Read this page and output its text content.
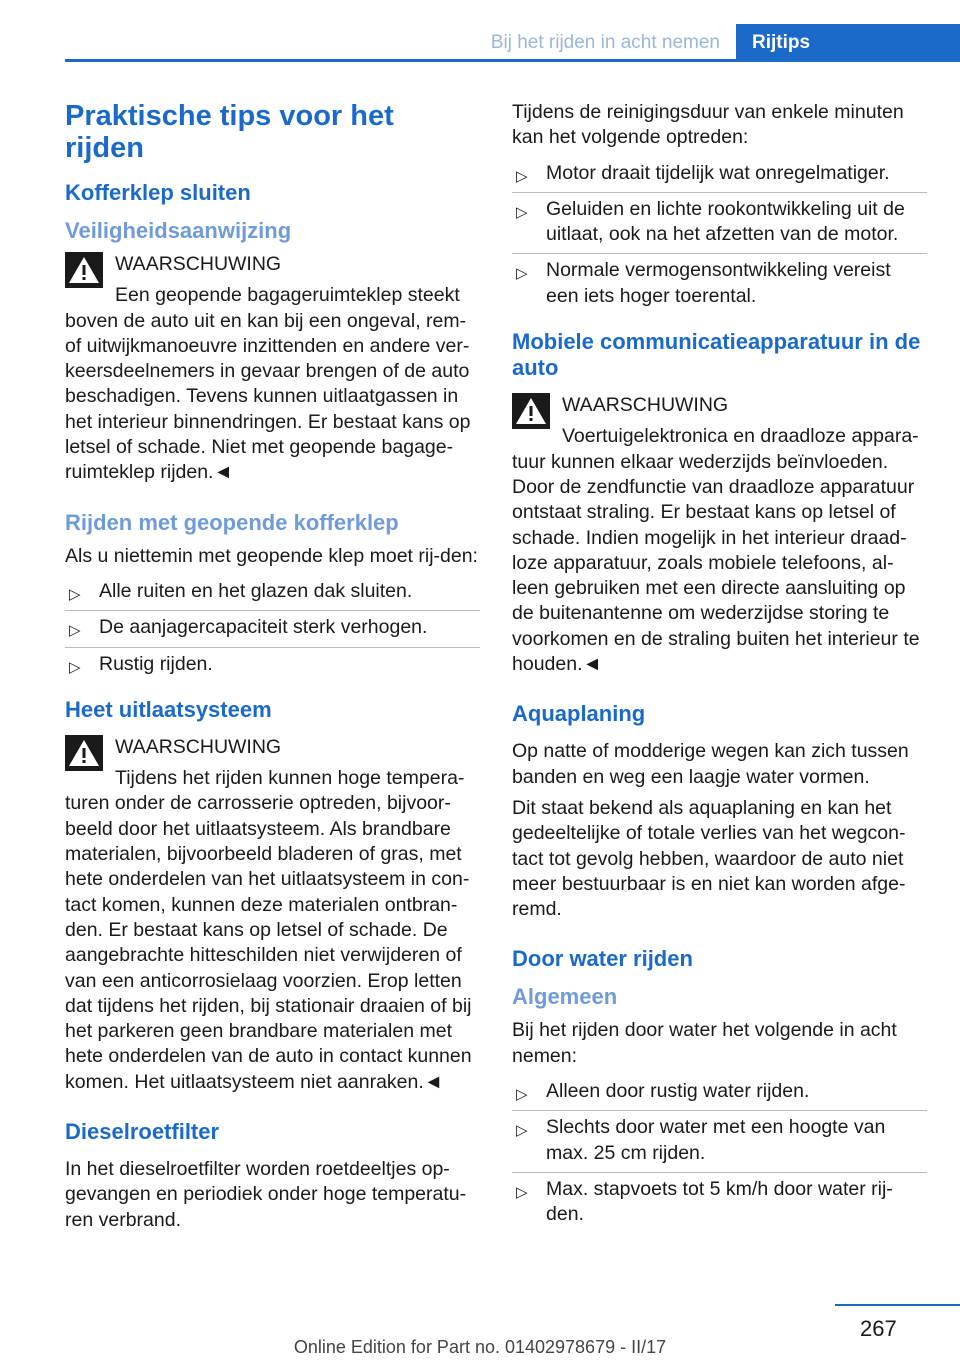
Bij het rijden in acht nemen Rijtips
Praktische tips voor het rijden
Kofferklep sluiten
Veiligheidsaanwijzing
WAARSCHUWING
Een geopende bagageruimteklep steekt boven de auto uit en kan bij een ongeval, rem- of uitwijkmanoeuvre inzittenden en andere ver-keersdeelnemers in gevaar brengen of de auto beschadigen. Tevens kunnen uitlaatgassen in het interieur binnendringen. Er bestaat kans op letsel of schade. Niet met geopende bagage-ruimteklep rijden.◄
Rijden met geopende kofferklep
Als u niettemin met geopende klep moet rij-den:
▷ Alle ruiten en het glazen dak sluiten.
▷ De aanjagercapaciteit sterk verhogen.
▷ Rustig rijden.
Heet uitlaatsysteem
WAARSCHUWING
Tijdens het rijden kunnen hoge tempera-turen onder de carrosserie optreden, bijvoor-beeld door het uitlaatsysteem. Als brandbare materialen, bijvoorbeeld bladeren of gras, met hete onderdelen van het uitlaatsysteem in con-tact komen, kunnen deze materialen ontbran-den. Er bestaat kans op letsel of schade. De aangebrachte hitteschilden niet verwijderen of van een anticorrosielaag voorzien. Erop letten dat tijdens het rijden, bij stationair draaien of bij het parkeren geen brandbare materialen met hete onderdelen van de auto in contact kunnen komen. Het uitlaatsysteem niet aanraken.◄
Dieselroetfilter
In het dieselroetfilter worden roetdeeltjes op-gevangen en periodiek onder hoge temperatu-ren verbrand.
Tijdens de reinigingsduur van enkele minuten kan het volgende optreden:
▷ Motor draait tijdelijk wat onregelmatiger.
▷ Geluiden en lichte rookontwikkeling uit de uitlaat, ook na het afzetten van de motor.
▷ Normale vermogensontwikkeling vereist een iets hoger toerental.
Mobiele communicatieapparatuur in de auto
WAARSCHUWING
Voertuigelektronica en draadloze appara-tuur kunnen elkaar wederzijds beïnvloeden. Door de zendfunctie van draadloze apparatuur ontstaat straling. Er bestaat kans op letsel of schade. Indien mogelijk in het interieur draad-loze apparatuur, zoals mobiele telefoons, al-leen gebruiken met een directe aansluiting op de buitenantenne om wederzijdse storing te voorkomen en de straling buiten het interieur te houden.◄
Aquaplaning
Op natte of modderige wegen kan zich tussen banden en weg een laagje water vormen.
Dit staat bekend als aquaplaning en kan het gedeeltelijke of totale verlies van het wegcon-tact tot gevolg hebben, waardoor de auto niet meer bestuurbaar is en niet kan worden afge-remd.
Door water rijden
Algemeen
Bij het rijden door water het volgende in acht nemen:
▷ Alleen door rustig water rijden.
▷ Slechts door water met een hoogte van max. 25 cm rijden.
▷ Max. stapvoets tot 5 km/h door water rij-den.
267
Online Edition for Part no. 01402978679 - II/17
